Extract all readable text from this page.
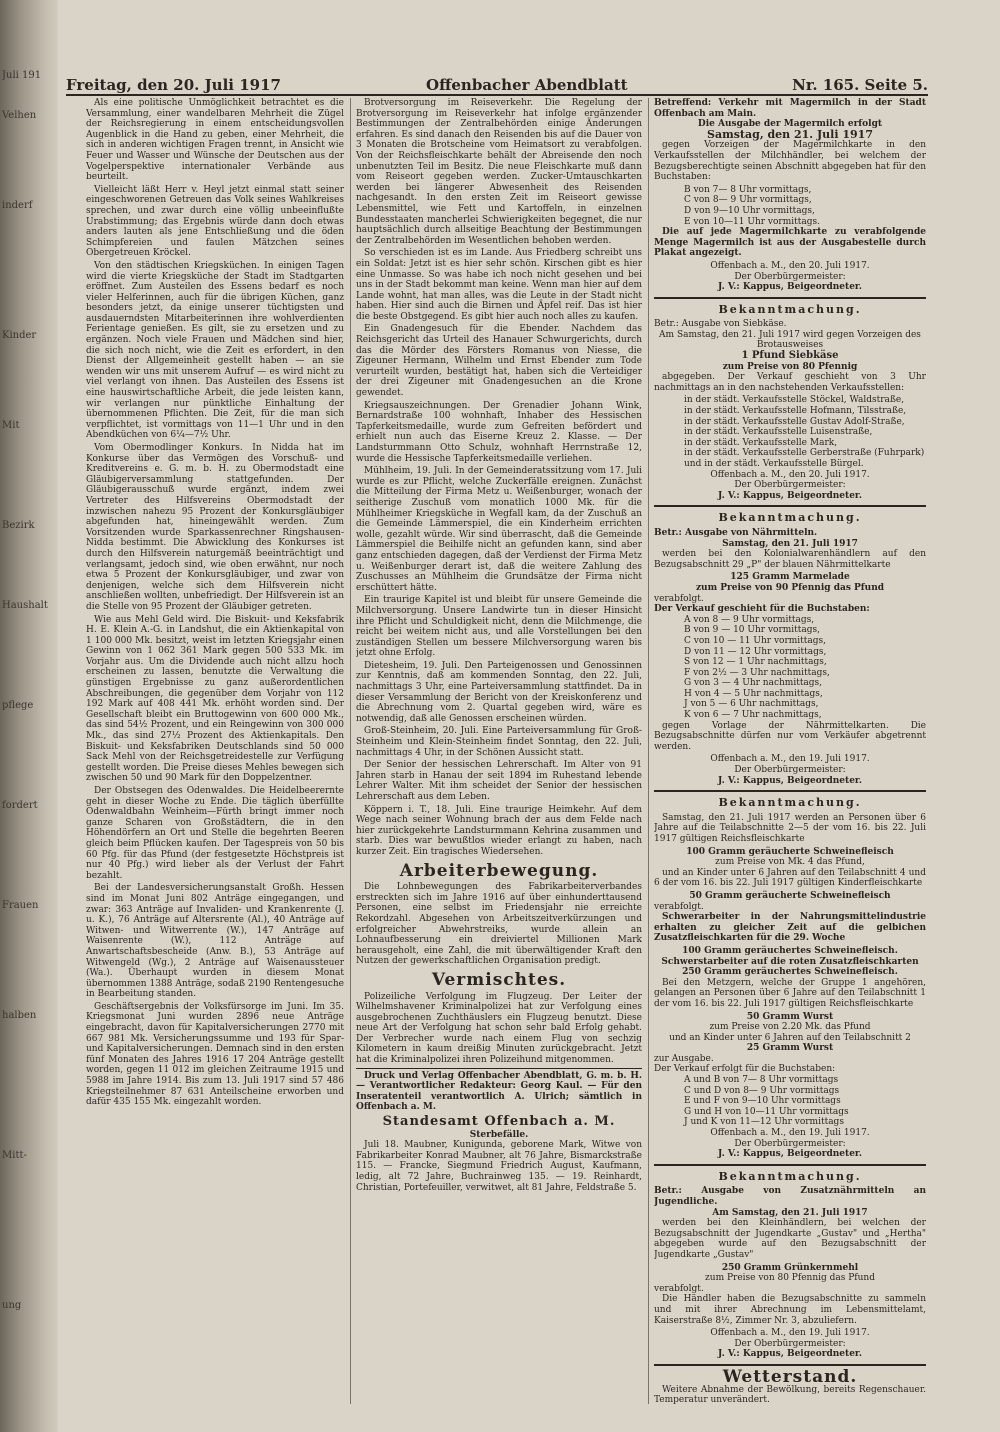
Juli 191
Velhen
inderf
Kinder
Mit
Bezirk
Haushalt
pflege
fordert
Frauen
halben
Mitt-
ung
Freitag, den 20. Juli 1917	Offenbacher Abendblatt	Nr. 165. Seite 5.

Als eine politische Unmöglichkeit betrachtet es die Versammlung, einer wandelbaren Mehrheit die Zügel der Reichsregierung in einem entscheidungsvollen Augenblick in die Hand zu geben, einer Mehrheit, die sich in anderen wichtigen Fragen trennt, in Ansicht wie Feuer und Wasser und Wünsche der Deutschen aus der Vogelperspektive internationaler Verbände aus beurteilt.

Vielleicht läßt Herr v. Heyl jetzt einmal statt seiner eingeschworenen Getreuen das Volk seines Wahlkreises sprechen, und zwar durch eine völlig unbeeinflußte Urabstimmung; das Ergebnis würde dann doch etwas anders lauten als jene Entschließung und die öden Schimpfereien und faulen Mätzchen seines Obergetreuen Kröckel.

Von den städtischen Kriegsküchen. In einigen Tagen wird die vierte Kriegsküche der Stadt im Stadtgarten eröffnet. Zum Austeilen des Essens bedarf es noch vieler Helferinnen, auch für die übrigen Küchen, ganz besonders jetzt, da einige unserer tüchtigsten und ausdauerndsten Mitarbeiterinnen ihre wohlverdienten Ferientage genießen. Es gilt, sie zu ersetzen und zu ergänzen. Noch viele Frauen und Mädchen sind hier, die sich noch nicht, wie die Zeit es erfordert, in den Dienst der Allgemeinheit gestellt haben — an sie wenden wir uns mit unserem Aufruf — es wird nicht zu viel verlangt von ihnen. Das Austeilen des Essens ist eine hauswirtschaftliche Arbeit, die jede leisten kann, wir verlangen nur pünktliche Einhaltung der übernommenen Pflichten. Die Zeit, für die man sich verpflichtet, ist vormittags von 11—1 Uhr und in den Abendküchen von 6¼—7½ Uhr.

Vom Obermodlinger Konkurs. In Nidda hat im Konkurse über das Vermögen des Vorschuß- und Kreditvereins e. G. m. b. H. zu Obermodstadt eine Gläubigerversammlung stattgefunden. Der Gläubigerausschuß wurde ergänzt, indem zwei Vertreter des Hilfsvereins Obermodstadt der inzwischen nahezu 95 Prozent der Konkursgläubiger abgefunden hat, hineingewählt werden. Zum Vorsitzenden wurde Sparkassenrechner Ringshausen-Nidda bestimmt. Die Abwicklung des Konkurses ist durch den Hilfsverein naturgemäß beeinträchtigt und verlangsamt, jedoch sind, wie oben erwähnt, nur noch etwa 5 Prozent der Konkursgläubiger, und zwar von denjenigen, welche sich dem Hilfsverein nicht anschließen wollten, unbefriedigt. Der Hilfsverein ist an die Stelle von 95 Prozent der Gläubiger getreten.

Wie aus Mehl Geld wird. Die Biskuit- und Keksfabrik H. E. Klein A.-G. in Landshut, die ein Aktienkapital von 1 100 000 Mk. besitzt, weist im letzten Kriegsjahr einen Gewinn von 1 062 361 Mark gegen 500 533 Mk. im Vorjahr aus. Um die Dividende auch nicht allzu hoch erscheinen zu lassen, benutzte die Verwaltung die günstigen Ergebnisse zu ganz außerordentlichen Abschreibungen, die gegenüber dem Vorjahr von 112 192 Mark auf 408 441 Mk. erhöht worden sind. Der Gesellschaft bleibt ein Bruttogewinn von 600 000 Mk., das sind 54½ Prozent, und ein Reingewinn von 300 000 Mk., das sind 27½ Prozent des Aktienkapitals. Den Biskuit- und Keksfabriken Deutschlands sind 50 000 Sack Mehl von der Reichsgetreidestelle zur Verfügung gestellt worden. Die Preise dieses Mehles bewegen sich zwischen 50 und 90 Mark für den Doppelzentner.

Der Obstsegen des Odenwaldes. Die Heidelbeerernte geht in dieser Woche zu Ende. Die täglich überfüllte Odenwaldbahn Weinheim—Fürth bringt immer noch ganze Scharen von Großstädtern, die in den Höhendörfern an Ort und Stelle die begehrten Beeren gleich beim Pflücken kaufen. Der Tagespreis von 50 bis 60 Pfg. für das Pfund (der festgesetzte Höchstpreis ist nur 40 Pfg.) wird lieber als der Verlust der Fahrt bezahlt.

Bei der Landesversicherungsanstalt Großh. Hessen sind im Monat Juni 802 Anträge eingegangen, und zwar: 363 Anträge auf Invaliden- und Krankenrente (J. u. K.), 76 Anträge auf Altersrente (Al.), 40 Anträge auf Witwen- und Witwerrente (W.), 147 Anträge auf Waisenrente (W.), 112 Anträge auf Anwartschaftsbescheide (Anw. B.), 53 Anträge auf Witwengeld (Wg.), 2 Anträge auf Waisenaussteuer (Wa.). Überhaupt wurden in diesem Monat übernommen 1388 Anträge, sodaß 2190 Rentengesuche in Bearbeitung standen.

Geschäftsergebnis der Volksfürsorge im Juni. Im 35. Kriegsmonat Juni wurden 2896 neue Anträge eingebracht, davon für Kapitalversicherungen 2770 mit 667 981 Mk. Versicherungssumme und 193 für Spar- und Kapitalversicherungen. Demnach sind in den ersten fünf Monaten des Jahres 1916 17 204 Anträge gestellt worden, gegen 11 012 im gleichen Zeitraume 1915 und 5988 im Jahre 1914. Bis zum 13. Juli 1917 sind 57 486 Kriegsteilnehmer 87 631 Anteilscheine erworben und dafür 435 155 Mk. eingezahlt worden.

Brotversorgung im Reiseverkehr. Die Regelung der Brotversorgung im Reiseverkehr hat infolge ergänzender Bestimmungen der Zentralbehörden einige Änderungen erfahren. Es sind danach den Reisenden bis auf die Dauer von 3 Monaten die Brotscheine vom Heimatsort zu verabfolgen. Von der Reichsfleischkarte behält der Abreisende den noch unbenutzten Teil im Besitz. Die neue Fleischkarte muß dann vom Reiseort gegeben werden. Zucker-Umtauschkarten werden bei längerer Abwesenheit des Reisenden nachgesandt. In den ersten Zeit im Reiseort gewisse Lebensmittel, wie Fett und Kartoffeln, in einzelnen Bundesstaaten mancherlei Schwierigkeiten begegnet, die nur hauptsächlich durch allseitige Beachtung der Bestimmungen der Zentralbehörden im Wesentlichen behoben werden.

So verschieden ist es im Lande. Aus Friedberg schreibt uns ein Soldat: Jetzt ist es hier sehr schön. Kirschen gibt es hier eine Unmasse. So was habe ich noch nicht gesehen und bei uns in der Stadt bekommt man keine. Wenn man hier auf dem Lande wohnt, hat man alles, was die Leute in der Stadt nicht haben. Hier sind auch die Birnen und Äpfel reif. Das ist hier die beste Obstgegend. Es gibt hier auch noch alles zu kaufen.

Ein Gnadengesuch für die Ebender. Nachdem das Reichsgericht das Urteil des Hanauer Schwurgerichts, durch das die Mörder des Försters Romanus von Niesse, die Zigeuner Hermann, Wilhelm und Ernst Ebender zum Tode verurteilt wurden, bestätigt hat, haben sich die Verteidiger der drei Zigeuner mit Gnadengesuchen an die Krone gewendet.

Kriegsauszeichnungen. Der Grenadier Johann Wink, Bernardstraße 100 wohnhaft, Inhaber des Hessischen Tapferkeitsmedaille, wurde zum Gefreiten befördert und erhielt nun auch das Eiserne Kreuz 2. Klasse. — Der Landsturmmann Otto Schulz, wohnhaft Herrnstraße 12, wurde die Hessische Tapferkeitsmedaille verliehen.

Mühlheim, 19. Juli. In der Gemeinderatssitzung vom 17. Juli wurde es zur Pflicht, welche Zuckerfälle ereignen. Zunächst die Mitteilung der Firma Metz u. Weißenburger, wonach der seitherige Zuschuß vom monatlich 1000 Mk. für die Mühlheimer Kriegsküche in Wegfall kam, da der Zuschuß an die Gemeinde Lämmerspiel, die ein Kinderheim errichten wolle, gezahlt würde. Wir sind überrascht, daß die Gemeinde Lämmerspiel die Beihilfe nicht an gefunden kann, sind aber ganz entschieden dagegen, daß der Verdienst der Firma Metz u. Weißenburger derart ist, daß die weitere Zahlung des Zuschusses an Mühlheim die Grundsätze der Firma nicht erschüttert hätte.

Ein traurige Kapitel ist und bleibt für unsere Gemeinde die Milchversorgung. Unsere Landwirte tun in dieser Hinsicht ihre Pflicht und Schuldigkeit nicht, denn die Milchmenge, die reicht bei weitem nicht aus, und alle Vorstellungen bei den zuständigen Stellen um bessere Milchversorgung waren bis jetzt ohne Erfolg.

Dietesheim, 19. Juli. Den Parteigenossen und Genossinnen zur Kenntnis, daß am kommenden Sonntag, den 22. Juli, nachmittags 3 Uhr, eine Parteiversammlung stattfindet. Da in dieser Versammlung der Bericht von der Kreiskonferenz und die Abrechnung vom 2. Quartal gegeben wird, wäre es notwendig, daß alle Genossen erscheinen würden.

Groß-Steinheim, 20. Juli. Eine Parteiversammlung für Groß-Steinheim und Klein-Steinheim findet Sonntag, den 22. Juli, nachmittags 4 Uhr, in der Schönen Aussicht statt.

Der Senior der hessischen Lehrerschaft. Im Alter von 91 Jahren starb in Hanau der seit 1894 im Ruhestand lebende Lehrer Walter. Mit ihm scheidet der Senior der hessischen Lehrerschaft aus dem Leben.

Köppern i. T., 18. Juli. Eine traurige Heimkehr. Auf dem Wege nach seiner Wohnung brach der aus dem Felde nach hier zurückgekehrte Landsturmmann Kehrina zusammen und starb. Dies war bewußtlos wieder erlangt zu haben, nach kurzer Zeit. Ein tragisches Wiedersehen.

Arbeiterbewegung.

Die Lohnbewegungen des Fabrikarbeiterverbandes erstreckten sich im Jahre 1916 auf über einhunderttausend Personen, eine selbst im Friedensjahr nie erreichte Rekordzahl. Abgesehen von Arbeitszeitverkürzungen und erfolgreicher Abwehrstreiks, wurde allein an Lohnaufbesserung ein dreiviertel Millionen Mark herausgeholt, eine Zahl, die mit überwältigender Kraft den Nutzen der gewerkschaftlichen Organisation predigt.

Vermischtes.

Polizeiliche Verfolgung im Flugzeug. Der Leiter der Wilhelmshavener Kriminalpolizei hat zur Verfolgung eines ausgebrochenen Zuchthäuslers ein Flugzeug benutzt. Diese neue Art der Verfolgung hat schon sehr bald Erfolg gehabt. Der Verbrecher wurde nach einem Flug von sechzig Kilometern in kaum dreißig Minuten zurückgebracht. Jetzt hat die Kriminalpolizei ihren Polizeihund mitgenommen.

Druck und Verlag Offenbacher Abendblatt, G. m. b. H. — Verantwortlicher Redakteur: Georg Kaul. — Für den Inseratenteil verantwortlich A. Ulrich; sämtlich in Offenbach a. M.

Standesamt Offenbach a. M.
Sterbefälle.

Juli 18. Maubner, Kunigunda, geborene Mark, Witwe von Fabrikarbeiter Konrad Maubner, alt 76 Jahre, Bismarckstraße 115. — Francke, Siegmund Friedrich August, Kaufmann, ledig, alt 72 Jahre, Buchrainweg 135. — 19. Reinhardt, Christian, Portefeuiller, verwitwet, alt 81 Jahre, Feldstraße 5.

Betreffend: Verkehr mit Magermilch in der Stadt Offenbach am Main.
Die Ausgabe der Magermilch erfolgt
Samstag, den 21. Juli 1917

gegen Vorzeigen der Magermilchkarte in den Verkaufsstellen der Milchhändler, bei welchem der Bezugsberechtigte seinen Abschnitt abgegeben hat für den Buchstaben:

B von 7— 8 Uhr vormittags,
C von 8— 9 Uhr vormittags,
D von 9—10 Uhr vormittags,
E von 10—11 Uhr vormittags.

Die auf jede Magermilchkarte zu verabfolgende Menge Magermilch ist aus der Ausgabestelle durch Plakat angezeigt.

Offenbach a. M., den 20. Juli 1917.
Der Oberbürgermeister:
J. V.: Kappus, Beigeordneter.
Bekanntmachung.
Betr.: Ausgabe von Siebkäse.
Am Samstag, den 21. Juli 1917 wird gegen Vorzeigen des Brotausweises
1 Pfund Siebkäse
zum Preise von 80 Pfennig

abgegeben. Der Verkauf geschieht von 3 Uhr nachmittags an in den nachstehenden Verkaufsstellen:

in der städt. Verkaufsstelle Stöckel, Waldstraße,
in der städt. Verkaufsstelle Hofmann, Tilsstraße,
in der städt. Verkaufsstelle Gustav Adolf-Straße,
in der städt. Verkaufsstelle Luisenstraße,
in der städt. Verkaufsstelle Mark,
in der städt. Verkaufsstelle Gerberstraße (Fuhrpark)
und in der städt. Verkaufsstelle Bürgel.
Offenbach a. M., den 20. Juli 1917.
Der Oberbürgermeister:
J. V.: Kappus, Beigeordneter.
Bekanntmachung.
Betr.: Ausgabe von Nährmitteln.
Samstag, den 21. Juli 1917

werden bei den Kolonialwarenhändlern auf den Bezugsabschnitt 29 „P" der blauen Nährmittelkarte

125 Gramm Marmelade
zum Preise von 90 Pfennig das Pfund
verabfolgt.
Der Verkauf geschieht für die Buchstaben:
A von 8 — 9 Uhr vormittags,
B von 9 — 10 Uhr vormittags,
C von 10 — 11 Uhr vormittags,
D von 11 — 12 Uhr vormittags,
S von 12 — 1 Uhr nachmittags,
F von 2½ — 3 Uhr nachmittags,
G von 3 — 4 Uhr nachmittags,
H von 4 — 5 Uhr nachmittags,
J von 5 — 6 Uhr nachmittags,
K von 6 — 7 Uhr nachmittags,

gegen Vorlage der Nährmittelkarten. Die Bezugsabschnitte dürfen nur vom Verkäufer abgetrennt werden.

Offenbach a. M., den 19. Juli 1917.
Der Oberbürgermeister:
J. V.: Kappus, Beigeordneter.
Bekanntmachung.

Samstag, den 21. Juli 1917 werden an Personen über 6 Jahre auf die Teilabschnitte 2—5 der vom 16. bis 22. Juli 1917 gültigen Reichsfleischkarte

100 Gramm geräucherte Schweinefleisch
zum Preise von Mk. 4 das Pfund,

und an Kinder unter 6 Jahren auf den Teilabschnitt 4 und 6 der vom 16. bis 22. Juli 1917 gültigen Kinderfleischkarte

50 Gramm geräucherte Schweinefleisch
verabfolgt.

Schwerarbeiter in der Nahrungsmittelindustrie erhalten zu gleicher Zeit auf die gelbichen Zusatzfleischkarten für die 29. Woche

100 Gramm geräuchertes Schweinefleisch.
Schwerstarbeiter auf die roten Zusatzfleischkarten
250 Gramm geräuchertes Schweinefleisch.

Bei den Metzgern, welche der Gruppe 1 angehören, gelangen an Personen über 6 Jahre auf den Teilabschnitt 1 der vom 16. bis 22. Juli 1917 gültigen Reichsfleischkarte

50 Gramm Wurst
zum Preise von 2.20 Mk. das Pfund
und an Kinder unter 6 Jahren auf den Teilabschnitt 2
25 Gramm Wurst
zur Ausgabe.
Der Verkauf erfolgt für die Buchstaben:
A und B von 7— 8 Uhr vormittags
C und D von 8— 9 Uhr vormittags
E und F von 9—10 Uhr vormittags
G und H von 10—11 Uhr vormittags
J und K von 11—12 Uhr vormittags
Offenbach a. M., den 19. Juli 1917.
Der Oberbürgermeister:
J. V.: Kappus, Beigeordneter.
Bekanntmachung.
Betr.: Ausgabe von Zusatznährmitteln an Jugendliche.
Am Samstag, den 21. Juli 1917

werden bei den Kleinhändlern, bei welchen der Bezugsabschnitt der Jugendkarte „Gustav" und „Hertha" abgegeben wurde auf den Bezugsabschnitt der Jugendkarte „Gustav"

250 Gramm Grünkernmehl
zum Preise von 80 Pfennig das Pfund
verabfolgt.

Die Händler haben die Bezugsabschnitte zu sammeln und mit ihrer Abrechnung im Lebensmittelamt, Kaiserstraße 8½, Zimmer Nr. 3, abzuliefern.

Offenbach a. M., den 19. Juli 1917.
Der Oberbürgermeister:
J. V.: Kappus, Beigeordneter.
Wetterstand.

Weitere Abnahme der Bewölkung, bereits Regenschauer. Temperatur unverändert.
